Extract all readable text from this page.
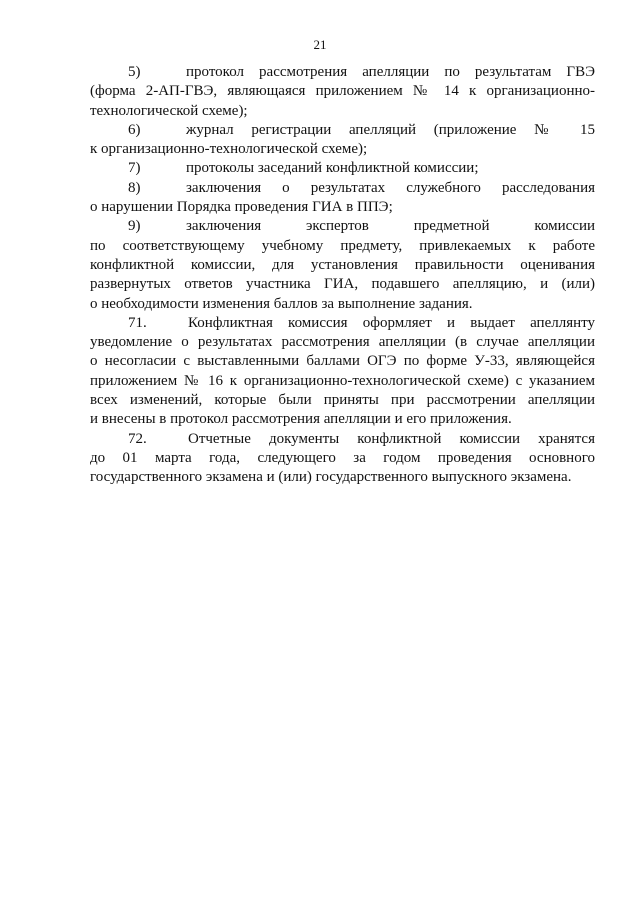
21

5)	протокол рассмотрения апелляции по результатам ГВЭ
(форма 2-АП-ГВЭ, являющаяся приложением № 14 к организационно-
технологической схеме);

6)	журнал регистрации апелляций (приложение № 15
к организационно-технологической схеме);

7)	протоколы заседаний конфликтной комиссии;

8)	заключения о результатах служебного расследования
о нарушении Порядка проведения ГИА в ППЭ;

9)	заключения экспертов предметной комиссии
по соответствующему учебному предмету, привлекаемых к работе
конфликтной комиссии, для установления правильности оценивания
развернутых ответов участника ГИА, подавшего апелляцию, и (или)
о необходимости изменения баллов за выполнение задания.

71.	Конфликтная комиссия оформляет и выдает апеллянту
уведомление о результатах рассмотрения апелляции (в случае апелляции
о несогласии с выставленными баллами ОГЭ по форме У-33, являющейся
приложением № 16 к организационно-технологической схеме) с указанием
всех изменений, которые были приняты при рассмотрении апелляции
и внесены в протокол рассмотрения апелляции и его приложения.

72.	Отчетные документы конфликтной комиссии хранятся
до 01 марта года, следующего за годом проведения основного
государственного экзамена и (или) государственного выпускного экзамена.
